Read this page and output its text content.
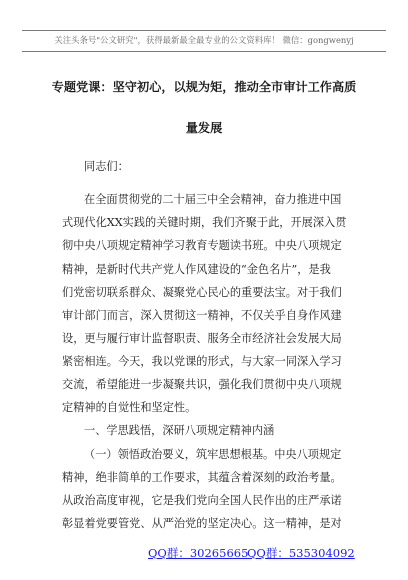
关注头条号"公文研究"，获得最新最全最专业的公文资料库！ 微信：gongwenyj
专题党课：坚守初心，以规为矩，推动全市审计工作高质
量发展
同志们：
在全面贯彻党的二十届三中全会精神，奋力推进中国
式现代化XX实践的关键时期，我们齐聚于此，开展深入贯
彻中央八项规定精神学习教育专题读书班。中央八项规定
精神，是新时代共产党人作风建设的“金色名片”，是我
们党密切联系群众、凝聚党心民心的重要法宝。对于我们
审计部门而言，深入贯彻这一精神，不仅关乎自身作风建
设，更与履行审计监督职责、服务全市经济社会发展大局
紧密相连。今天，我以党课的形式，与大家一同深入学习
交流，希望能进一步凝聚共识，强化我们贯彻中央八项规
定精神的自觉性和坚定性。
一、学思践悟，深研八项规定精神内涵
（一）领悟政治要义，筑牢思想根基。中央八项规定
精神，绝非简单的工作要求，其蕴含着深刻的政治考量。
从政治高度审视，它是我们党向全国人民作出的庄严承诺
彰显着党要管党、从严治党的坚定决心。这一精神，是对
QQ群：30265665
QQ群：535304092
